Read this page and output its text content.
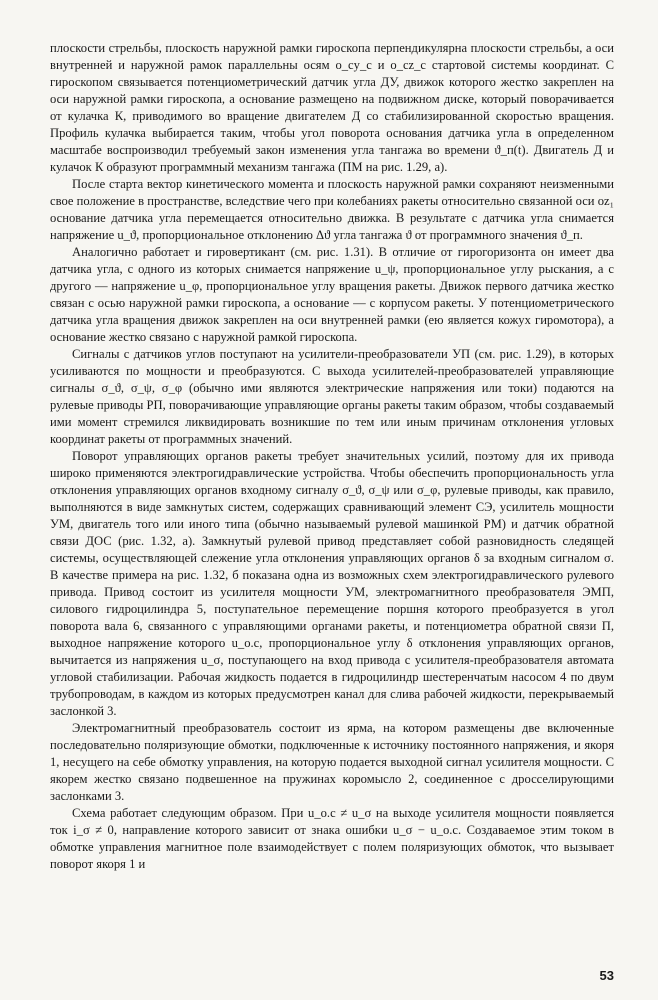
плоскости стрельбы, плоскость наружной рамки гироскопа перпендикулярна плоскости стрельбы, а оси внутренней и наружной рамок параллельны осям o_cy_c и o_cz_c стартовой системы координат. С гироскопом связывается потенциометрический датчик угла ДУ, движок которого жестко закреплен на оси наружной рамки гироскопа, а основание размещено на подвижном диске, который поворачивается от кулачка К, приводимого во вращение двигателем Д со стабилизированной скоростью вращения. Профиль кулачка выбирается таким, чтобы угол поворота основания датчика угла в определенном масштабе воспроизводил требуемый закон изменения угла тангажа во времени ϑ_п(t). Двигатель Д и кулачок К образуют программный механизм тангажа (ПМ на рис. 1.29, а).

После старта вектор кинетического момента и плоскость наружной рамки сохраняют неизменными свое положение в пространстве, вследствие чего при колебаниях ракеты относительно связанной оси oz₁ основание датчика угла перемещается относительно движка. В результате с датчика угла снимается напряжение u_ϑ, пропорциональное отклонению Δϑ угла тангажа ϑ от программного значения ϑ_п.

Аналогично работает и гировертикант (см. рис. 1.31). В отличие от гирогоризонта он имеет два датчика угла, с одного из которых снимается напряжение u_ψ, пропорциональное углу рыскания, а с другого — напряжение u_φ, пропорциональное углу вращения ракеты. Движок первого датчика жестко связан с осью наружной рамки гироскопа, а основание — с корпусом ракеты. У потенциометрического датчика угла вращения движок закреплен на оси внутренней рамки (ею является кожух гиромотора), а основание жестко связано с наружной рамкой гироскопа.

Сигналы с датчиков углов поступают на усилители-преобразователи УП (см. рис. 1.29), в которых усиливаются по мощности и преобразуются. С выхода усилителей-преобразователей управляющие сигналы σ_ϑ, σ_ψ, σ_φ (обычно ими являются электрические напряжения или токи) подаются на рулевые приводы РП, поворачивающие управляющие органы ракеты таким образом, чтобы создаваемый ими момент стремился ликвидировать возникшие по тем или иным причинам отклонения угловых координат ракеты от программных значений.

Поворот управляющих органов ракеты требует значительных усилий, поэтому для их привода широко применяются электрогидравлические устройства. Чтобы обеспечить пропорциональность угла отклонения управляющих органов входному сигналу σ_ϑ, σ_ψ или σ_φ, рулевые приводы, как правило, выполняются в виде замкнутых систем, содержащих сравнивающий элемент СЭ, усилитель мощности УМ, двигатель того или иного типа (обычно называемый рулевой машинкой РМ) и датчик обратной связи ДОС (рис. 1.32, а). Замкнутый рулевой привод представляет собой разновидность следящей системы, осуществляющей слежение угла отклонения управляющих органов δ за входным сигналом σ. В качестве примера на рис. 1.32, б показана одна из возможных схем электрогидравлического рулевого привода. Привод состоит из усилителя мощности УМ, электромагнитного преобразователя ЭМП, силового гидроцилиндра 5, поступательное перемещение поршня которого преобразуется в угол поворота вала 6, связанного с управляющими органами ракеты, и потенциометра обратной связи П, выходное напряжение которого u_о.с, пропорциональное углу δ отклонения управляющих органов, вычитается из напряжения u_σ, поступающего на вход привода с усилителя-преобразователя автомата угловой стабилизации. Рабочая жидкость подается в гидроцилиндр шестеренчатым насосом 4 по двум трубопроводам, в каждом из которых предусмотрен канал для слива рабочей жидкости, перекрываемый заслонкой 3.

Электромагнитный преобразователь состоит из ярма, на котором размещены две включенные последовательно поляризующие обмотки, подключенные к источнику постоянного напряжения, и якоря 1, несущего на себе обмотку управления, на которую подается выходной сигнал усилителя мощности. С якорем жестко связано подвешенное на пружинах коромысло 2, соединенное с дросселирующими заслонками 3.

Схема работает следующим образом. При u_о.с ≠ u_σ на выходе усилителя мощности появляется ток i_σ ≠ 0, направление которого зависит от знака ошибки u_σ − u_о.с. Создаваемое этим током в обмотке управления магнитное поле взаимодействует с полем поляризующих обмоток, что вызывает поворот якоря 1 и

53
